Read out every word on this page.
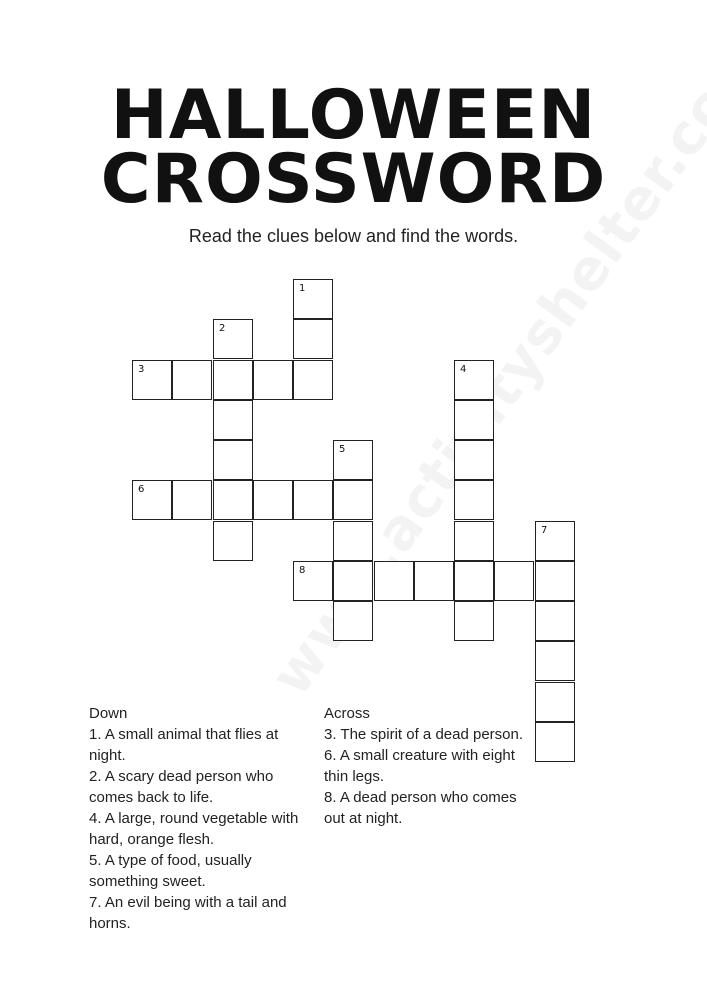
HALLOWEEN
CROSSWORD
Read the clues below and find the words.
1
2
3	4
5
6
7
8
Down

1. A small animal that flies at night.

2. A scary dead person who comes back to life.

4. A large, round vegetable with hard, orange flesh.

5. A type of food, usually something sweet.

7. An evil being with a tail and horns.

Across

3. The spirit of a dead person.

6. A small creature with eight thin legs.

8. A dead person who comes out at night.
